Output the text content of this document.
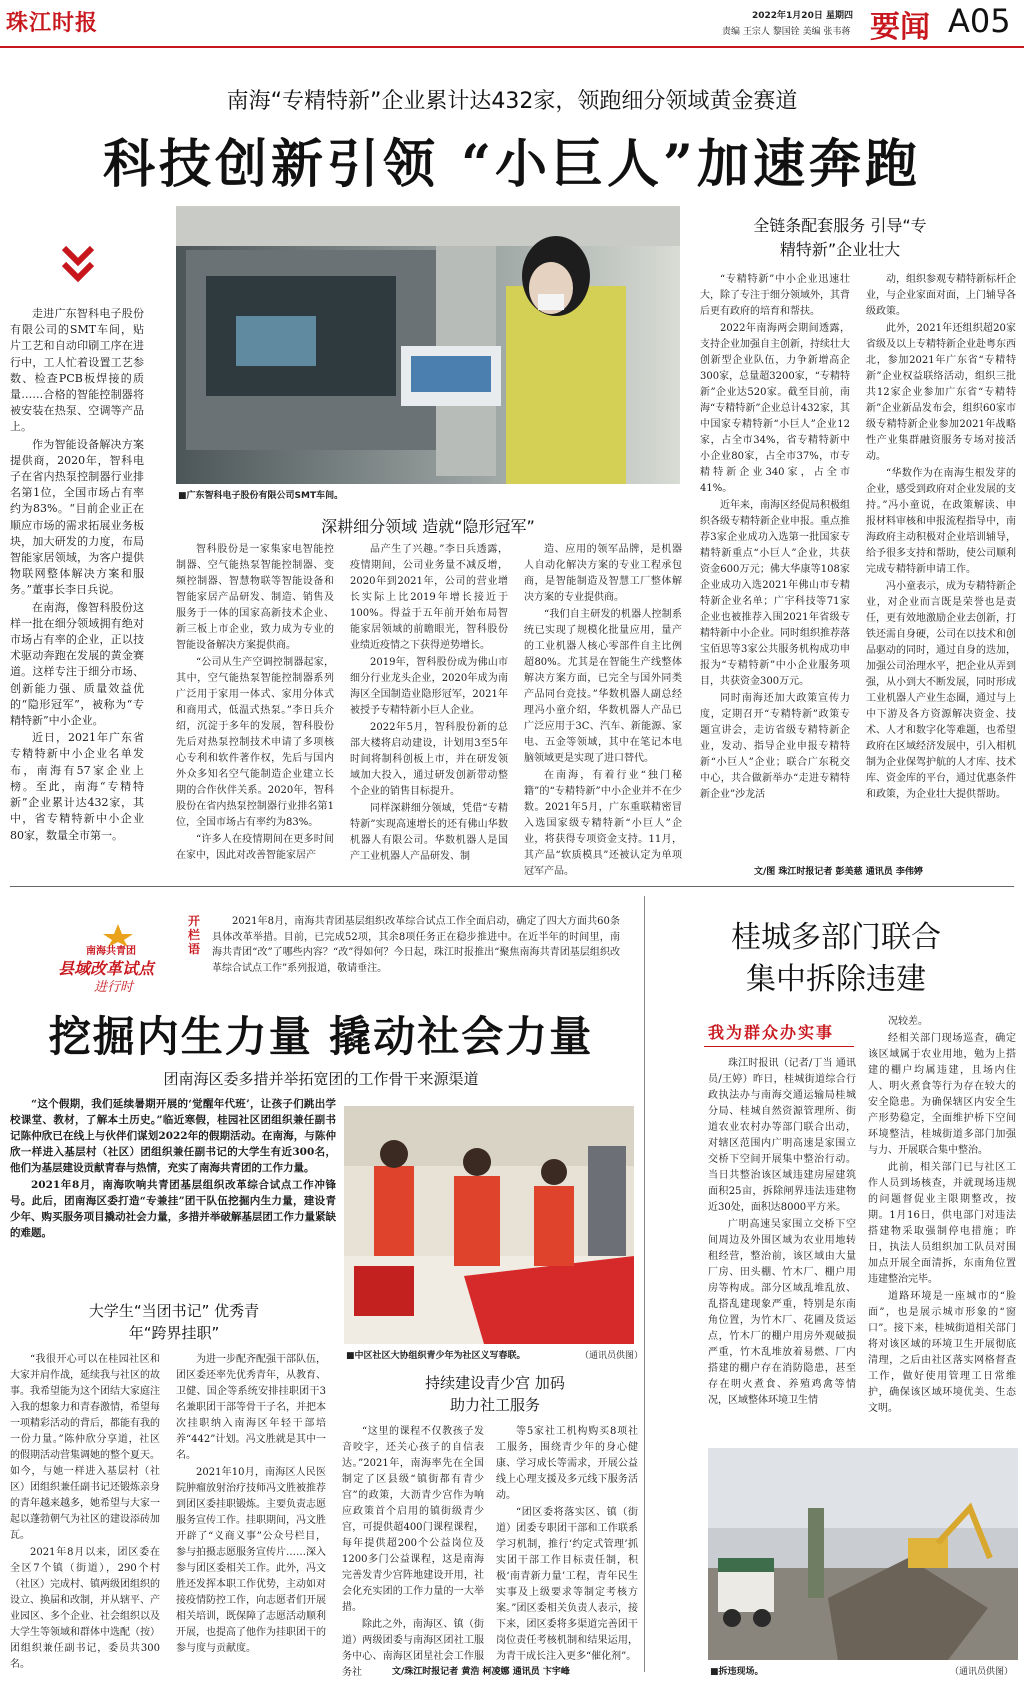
珠江时报	2022年1月20日 星期四
责编 王宗人 黎国铨 美编 张韦蒋 要闻 A05
南海“专精特新”企业累计达432家，领跑细分领域黄金赛道
科技创新引领 “小巨人”加速奔跑

走进广东智科电子股份有限公司的SMT车间，贴片工艺和自动印刷工序在进行中，工人忙着设置工艺参数、检查PCB板焊接的质量……合格的智能控制器将被安装在热泵、空调等产品上。

作为智能设备解决方案提供商，2020年，智科电子在省内热泵控制器行业排名第1位，全国市场占有率约为83%。“目前企业正在顺应市场的需求拓展业务板块，加大研发的力度，布局智能家居领域，为客户提供物联网整体解决方案和服务。”董事长李日兵说。

在南海，像智科股份这样一批在细分领域拥有绝对市场占有率的企业，正以技术驱动奔跑在发展的黄金赛道。这样专注于细分市场、创新能力强、质量效益优的“隐形冠军”，被称为“专精特新”中小企业。

近日，2021年广东省专精特新中小企业名单发布，南海有57家企业上榜。至此，南海“专精特新”企业累计达432家，其中，省专精特新中小企业80家，数量全市第一。

■广东智科电子股份有限公司SMT车间。
深耕细分领域 造就“隐形冠军”

智科股份是一家集家电智能控制器、空气能热泵智能控制器、变频控制器、智慧物联等智能设备和智能家居产品研发、制造、销售及服务于一体的国家高新技术企业、新三板上市企业，致力成为专业的智能设备解决方案提供商。

“公司从生产空调控制器起家，其中，空气能热泵智能控制器系列广泛用于家用一体式、家用分体式和商用式，低温式热泵。”李日兵介绍，沉淀于多年的发展，智科股份先后对热泵控制技术申请了多项核心专利和软件著作权，先后与国内外众多知名空气能制造企业建立长期的合作伙伴关系。2020年，智科股份在省内热泵控制器行业排名第1位，全国市场占有率约为83%。

“许多人在疫情期间在更多时间在家中，因此对改善智能家居产

品产生了兴趣。”李日兵透露，疫情期间，公司业务量不减反增，2020年到2021年，公司的营业增长实际上比2019年增长接近于100%。得益于五年前开始布局智能家居领域的前瞻眼光，智科股份业绩近疫情之下获得逆势增长。

2019年，智科股份成为佛山市细分行业龙头企业，2020年成为南海区全国制造业隐形冠军，2021年被授予专精特新小巨人企业。

2022年5月，智科股份新的总部大楼将启动建设，计划用3至5年时间将制科创板上市，并在研发领域加大投入，通过研发创新带动整个企业的销售目标提升。

同样深耕细分领域，凭借“专精特新”实现高速增长的还有佛山华数机器人有限公司。华数机器人是国产工业机器人产品研发、制

造、应用的领军品牌，是机器人自动化解决方案的专业工程承包商，是智能制造及智慧工厂整体解决方案的专业提供商。

“我们自主研发的机器人控制系统已实现了规模化批量应用，量产的工业机器人核心零部件自主比例超80%。尤其是在智能生产线整体解决方案方面，已完全与国外同类产品同台竞技。”华数机器人副总经理冯小童介绍，华数机器人产品已广泛应用于3C、汽车、新能源、家电、五金等领域，其中在笔记本电脑领域更是实现了进口替代。

在南海，有着行业“独门秘籍”的“专精特新”中小企业并不在少数。2021年5月，广东重联精密冒入选国家级专精特新“小巨人”企业，将获得专项资金支持。11月，其产品“软质模具”还被认定为单项冠军产品。

全链条配套服务 引导“专精特新”企业壮大

“专精特新”中小企业迅速壮大，除了专注于细分领域外，其背后更有政府的培育和帮扶。

2022年南海两会期间透露，支持企业加强自主创新，持续壮大创新型企业队伍，力争新增高企300家，总量超3200家，“专精特新”企业达520家。截至目前，南海“专精特新”企业总计432家，其中国家专精特新“小巨人”企业12家，占全市34%，省专精特新中小企业80家，占全市37%，市专精特新企业340家，占全市41%。

近年来，南海区经促局积极组织各级专精特新企业申报。重点推荐3家企业成功入选第一批国家专精特新重点“小巨人”企业，共获资金600万元；佛大华康等108家企业成功入选2021年佛山市专精特新企业名单；广宇科技等71家企业也被推荐入围2021年省级专精特新中小企业。同时组织推荐落宝佰思等3家公共服务机构成功申报为“专精特新”中小企业服务项目，共获资金300万元。

同时南海还加大政策宣传力度，定期召开“专精特新”政策专题宣讲会，走访省级专精特新企业，发动、指导企业申报专精特新“小巨人”企业；联合广东税交中心，共合做新举办“走进专精特新企业”沙龙活

动，组织参观专精特新标杆企业，与企业家面对面，上门辅导各级政策。

此外，2021年还组织超20家省级及以上专精特新企业赴粤东西北，参加2021年广东省“专精特新”企业权益联络活动，组织三批共12家企业参加广东省“专精特新”企业新品发布会，组织60家市级专精特新企业参加2021年战略性产业集群融资服务专场对接活动。

“华数作为在南海生根发芽的企业，感受到政府对企业发展的支持。”冯小童说，在政策解读、申报材料审核和申报流程指导中，南海政府主动积极对企业培训辅导，给予很多支持和帮助，使公司顺利完成专精特新申请工作。

冯小童表示，成为专精特新企业，对企业而言既是荣誉也是责任，更有效地激励企业去创新，打铁还需自身硬，公司在以技术和创品驱动的同时，通过自身的迭加，加强公司治理水平，把企业从弄到强，从小到大不断发展，同时形成工业机器人产业生态圈，通过与上中下游及各方资源解决资金、技术、人才和数字化等难题，也希望政府在区域经济发展中，引入相机制为企业保驾护航的人才库、技术库、资金库的平台，通过优惠条件和政策，为企业壮大提供帮助。

文/图 珠江时报记者 彭美慈 通讯员 李伟婷
南海共青团
县域改革试点
进行时
开栏语
2021年8月，南海共青团基层组织改革综合试点工作全面启动，确定了四大方面共60条具体改革举措。目前，已完成52项，其余8项任务正在稳步推进中。在近半年的时间里，南海共青团“改”了哪些内容？“改”得如何？今日起，珠江时报推出“聚焦南海共青团基层组织改革综合试点工作”系列报道，敬请垂注。
挖掘内生力量 撬动社会力量
团南海区委多措并举拓宽团的工作骨干来源渠道

“这个假期，我们延续暑期开展的‘觉醒年代班’，让孩子们跳出学校课堂、教材，了解本土历史。”临近寒假，桂园社区团组织兼任副书记陈仲欣已在线上与伙伴们谋划2022年的假期活动。在南海，与陈仲欣一样进入基层村（社区）团组织兼任副书记的大学生有近300名，他们为基层建设贡献青春与热情，充实了南海共青团的工作力量。

2021年8月，南海吹响共青团基层组织改革综合试点工作冲锋号。此后，团南海区委打造“专兼挂”团干队伍挖掘内生力量，建设青少年、购买服务项目撬动社会力量，多措并举破解基层团工作力量紧缺的难题。

■中区社区大协组织青少年为社区义写春联。	（通讯员供图）
大学生“当团书记” 优秀青年“跨界挂职”

“我很开心可以在桂园社区和大家并肩作战，延续我与社区的故事。我希望能为这个团结大家庭注入我的想象力和青春激情，希望每一项精彩活动的背后，都能有我的一份力量。”陈仲欣分享道，社区的假期活动营集调她的整个夏天。如今，与她一样进入基层村（社区）团组织兼任副书记还锻炼亲身的青年越来越多，她希望与大家一起以蓬勃朝气为社区的建设添砖加瓦。

2021年8月以来，团区委在全区7个镇（街道），290个村（社区）完成村、镇两级团组织的设立、换届和改制，并从辖平、产业园区、多个企业、社会组织以及大学生等领域和群体中选配（按）团组织兼任副书记，委员共300名。

为进一步配齐配强干部队伍，团区委还率先优秀青年，从教育、卫健、国企等系统安排挂职团干3名兼职团干部等骨干子名，并把本次挂职纳入南海区年轻干部培养“442”计划。冯文胜就是其中一名。

2021年10月，南海区人民医院肿瘤放射治疗技师冯文胜被推荐到团区委挂职锻炼。主要负责志愿服务宣传工作。挂职期间，冯文胜开辟了“义商义事”公众号栏目，参与拍摄志愿服务宣传片……深入参与团区委相关工作。此外，冯文胜还发挥本职工作优势，主动如对接疫情防控工作，向志愿者们开展相关培训，既保障了志愿活动顺利开展，也提高了他作为挂职团干的参与度与贡献度。

持续建设青少宫 加码助力社工服务

“这里的课程不仅教孩子发音咬字，还关心孩子的自信表达。”2021年，南海率先在全国制定了区县级“镇街都有青少宫”的政策，大沥青少宫作为响应政策首个启用的镇街级青少宫，可提供超400门课程课程，每年提供超200个公益岗位及1200多门公益课程，这是南海完善发青少宫阵地建设开用，社会化充实团的工作力量的一大举措。

除此之外，南海区、镇（街道）两级团委与南海区团社工服务中心、南海区团星社会工作服务社

等5家社工机构购买8项社工服务，围绕青少年的身心健康、学习成长等需求，开展公益线上心理支援及多元线下服务活动。

“团区委将落实区、镇（街道）团委专职团干部和工作联系学习机制，推行‘约定式管理’抓实团干部工作目标责任制，积极‘南青新力量’工程，青年民生实事及上级要求等制定考核方案。”团区委相关负责人表示，接下来，团区委将多渠道完善团干岗位责任考核机制和结果运用，为青干成长注入更多“催化剂”。

文/珠江时报记者 黄浩 柯凌娜 通讯员 卞宇峰
桂城多部门联合
集中拆除违建
我为群众办实事

珠江时报讯（记者/丁当 通讯员/王婷）昨日，桂城街道综合行政执法办与南海交通运输局桂城分局、桂城自然资源管理所、街道农业农村办等部门联合出动，对辖区范围内广明高速是家围立交桥下空间开展集中整治行动。当日共整治该区域违建房屋建筑面积25亩，拆除闸界违法违建物近30处，面积达8000平方米。

广明高速吴家围立交桥下空间周边及外围区域为农业用地转租经营，整治前，该区域由大量厂房、田头棚、竹木厂、棚户用房等构成。部分区域乱堆乱放、乱搭乱建现象严重，特别是东南角位置，为竹木厂、花圃及货运点，竹木厂的棚户用房外观破损严重，竹木乱堆放着易燃、厂内搭建的棚户存在消防隐患，甚至存在明火煮食、养殖鸡禽等情况，区域整体环境卫生情

况较差。

经相关部门现场巡查，确定该区域属于农业用地，勉为上搭建的棚户均属违建，且场内住人、明火煮食等行为存在较大的安全隐患。为确保辖区内安全生产形势稳定，全面维护桥下空间环境整洁，桂城街道多部门加强与力、开展联合集中整治。

此前，相关部门已与社区工作人员到场核查，并就现场违规的问题督促业主限期整改，按期。1月16日，供电部门对违法搭建物采取强制停电措施；昨日，执法人员组织加工队员对围加点开展全面清拆，东南角位置违建整治完毕。

道路环境是一座城市的“脸面”，也是展示城市形象的“窗口”。接下来，桂城街道相关部门将对该区域的环境卫生开展彻底清理，之后由社区落实网格督查工作，做好使用管理工日常维护，确保该区域环境优美、生态文明。

■拆违现场。	（通讯员供图）
